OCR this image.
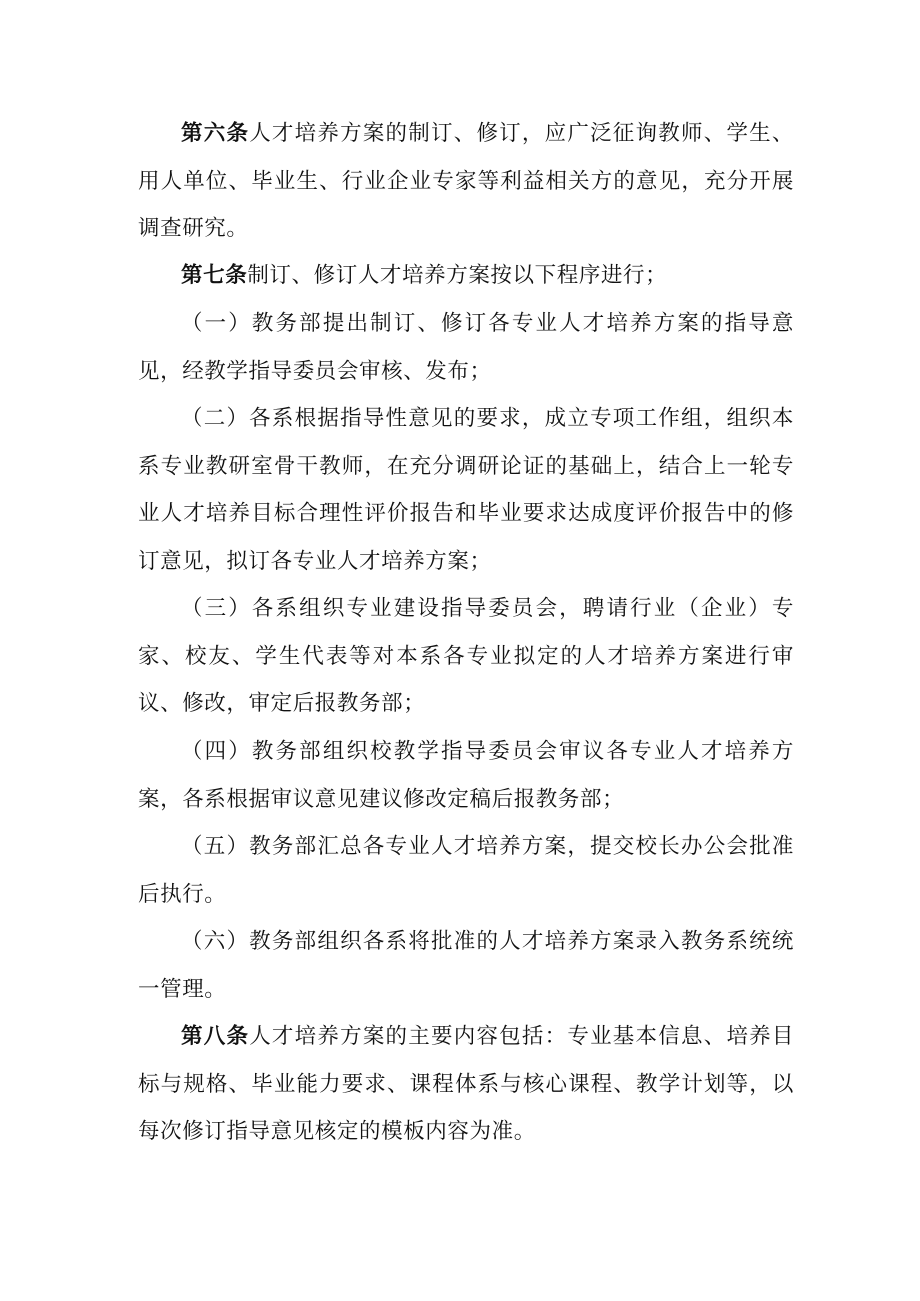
第六条人才培养方案的制订、修订，应广泛征询教师、学生、用人单位、毕业生、行业企业专家等利益相关方的意见，充分开展调查研究。

第七条制订、修订人才培养方案按以下程序进行；

（一）教务部提出制订、修订各专业人才培养方案的指导意见，经教学指导委员会审核、发布；

（二）各系根据指导性意见的要求，成立专项工作组，组织本系专业教研室骨干教师，在充分调研论证的基础上，结合上一轮专业人才培养目标合理性评价报告和毕业要求达成度评价报告中的修订意见，拟订各专业人才培养方案；

（三）各系组织专业建设指导委员会，聘请行业（企业）专家、校友、学生代表等对本系各专业拟定的人才培养方案进行审议、修改，审定后报教务部；

（四）教务部组织校教学指导委员会审议各专业人才培养方案，各系根据审议意见建议修改定稿后报教务部；

（五）教务部汇总各专业人才培养方案，提交校长办公会批准后执行。

（六）教务部组织各系将批准的人才培养方案录入教务系统统一管理。

第八条人才培养方案的主要内容包括：专业基本信息、培养目标与规格、毕业能力要求、课程体系与核心课程、教学计划等，以每次修订指导意见核定的模板内容为准。
